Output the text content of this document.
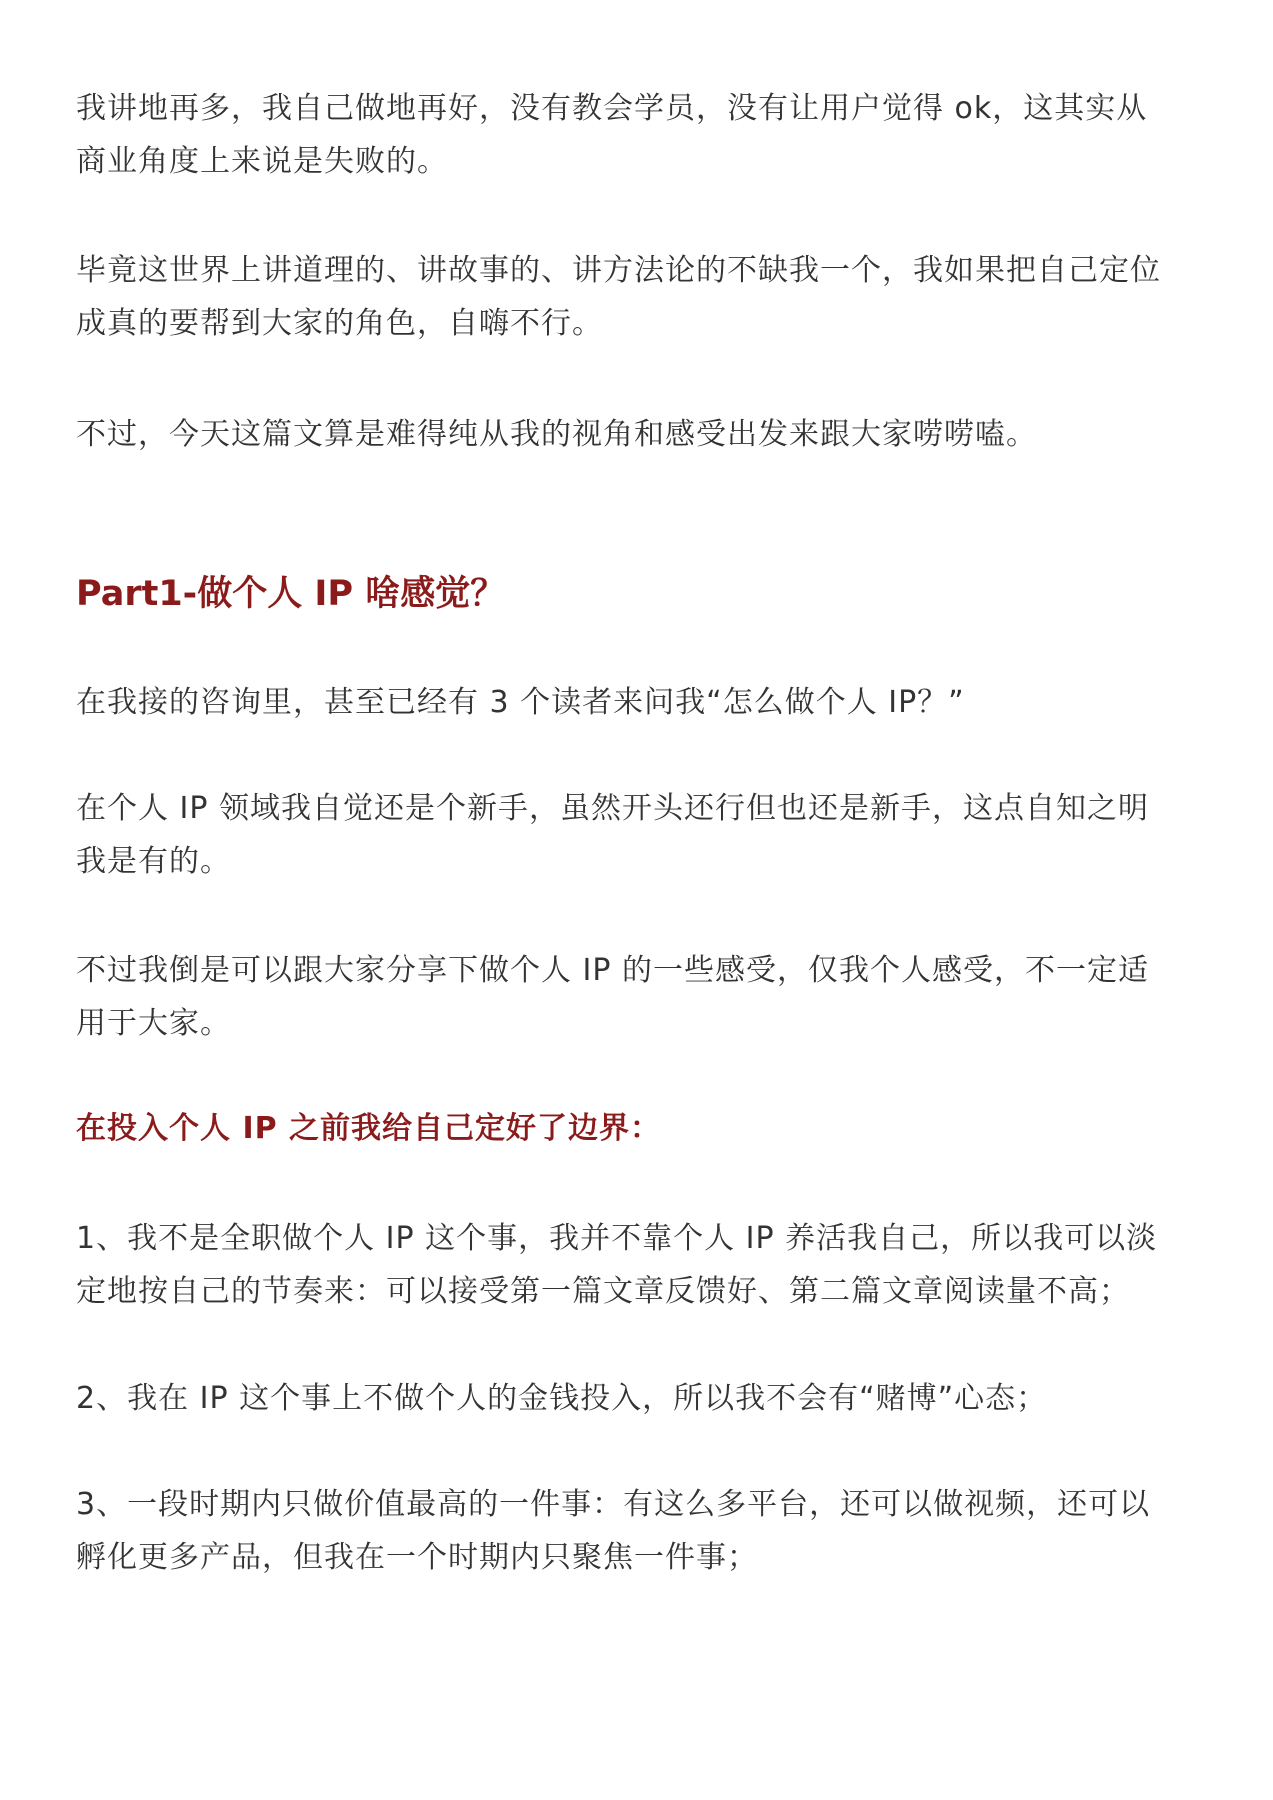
我讲地再多，我自己做地再好，没有教会学员，没有让用户觉得 ok，这其实从
商业角度上来说是失败的。

毕竟这世界上讲道理的、讲故事的、讲方法论的不缺我一个，我如果把自己定位
成真的要帮到大家的角色，自嗨不行。

不过，今天这篇文算是难得纯从我的视角和感受出发来跟大家唠唠嗑。

Part1-做个人 IP 啥感觉？

在我接的咨询里，甚至已经有 3 个读者来问我“怎么做个人 IP？”

在个人 IP 领域我自觉还是个新手，虽然开头还行但也还是新手，这点自知之明
我是有的。

不过我倒是可以跟大家分享下做个人 IP 的一些感受，仅我个人感受，不一定适
用于大家。

在投入个人 IP 之前我给自己定好了边界：

1、我不是全职做个人 IP 这个事，我并不靠个人 IP 养活我自己，所以我可以淡
定地按自己的节奏来：可以接受第一篇文章反馈好、第二篇文章阅读量不高；

2、我在 IP 这个事上不做个人的金钱投入，所以我不会有“赌博”心态；

3、一段时期内只做价值最高的一件事：有这么多平台，还可以做视频，还可以
孵化更多产品，但我在一个时期内只聚焦一件事；
